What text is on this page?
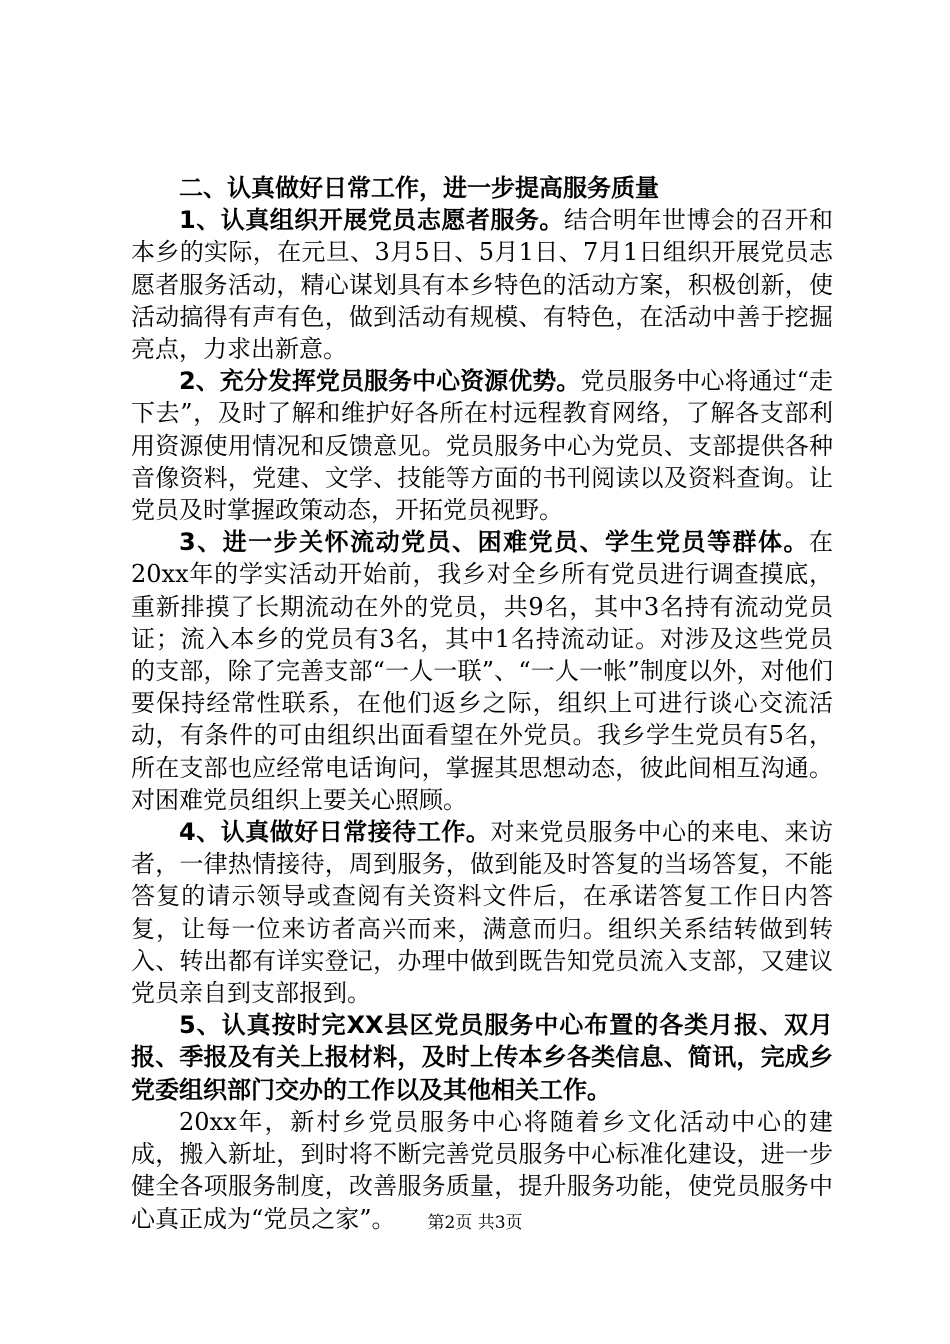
二、认真做好日常工作，进一步提高服务质量

1、认真组织开展党员志愿者服务。结合明年世博会的召开和本乡的实际，在元旦、3月5日、5月1日、7月1日组织开展党员志愿者服务活动，精心谋划具有本乡特色的活动方案，积极创新，使活动搞得有声有色，做到活动有规模、有特色，在活动中善于挖掘亮点，力求出新意。

2、充分发挥党员服务中心资源优势。党员服务中心将通过“走下去”，及时了解和维护好各所在村远程教育网络，了解各支部利用资源使用情况和反馈意见。党员服务中心为党员、支部提供各种音像资料，党建、文学、技能等方面的书刊阅读以及资料查询。让党员及时掌握政策动态，开拓党员视野。

3、进一步关怀流动党员、困难党员、学生党员等群体。在20xx年的学实活动开始前，我乡对全乡所有党员进行调查摸底，重新排摸了长期流动在外的党员，共9名，其中3名持有流动党员证；流入本乡的党员有3名，其中1名持流动证。对涉及这些党员的支部，除了完善支部“一人一联”、“一人一帐”制度以外，对他们要保持经常性联系，在他们返乡之际，组织上可进行谈心交流活动，有条件的可由组织出面看望在外党员。我乡学生党员有5名，所在支部也应经常电话询问，掌握其思想动态，彼此间相互沟通。对困难党员组织上要关心照顾。

4、认真做好日常接待工作。对来党员服务中心的来电、来访者，一律热情接待，周到服务，做到能及时答复的当场答复，不能答复的请示领导或查阅有关资料文件后，在承诺答复工作日内答复，让每一位来访者高兴而来，满意而归。组织关系结转做到转入、转出都有详实登记，办理中做到既告知党员流入支部，又建议党员亲自到支部报到。

5、认真按时完XX县区党员服务中心布置的各类月报、双月报、季报及有关上报材料，及时上传本乡各类信息、简讯，完成乡党委组织部门交办的工作以及其他相关工作。

20xx年，新村乡党员服务中心将随着乡文化活动中心的建成，搬入新址，到时将不断完善党员服务中心标准化建设，进一步健全各项服务制度，改善服务质量，提升服务功能，使党员服务中心真正成为“党员之家”。	第2页 共3页
